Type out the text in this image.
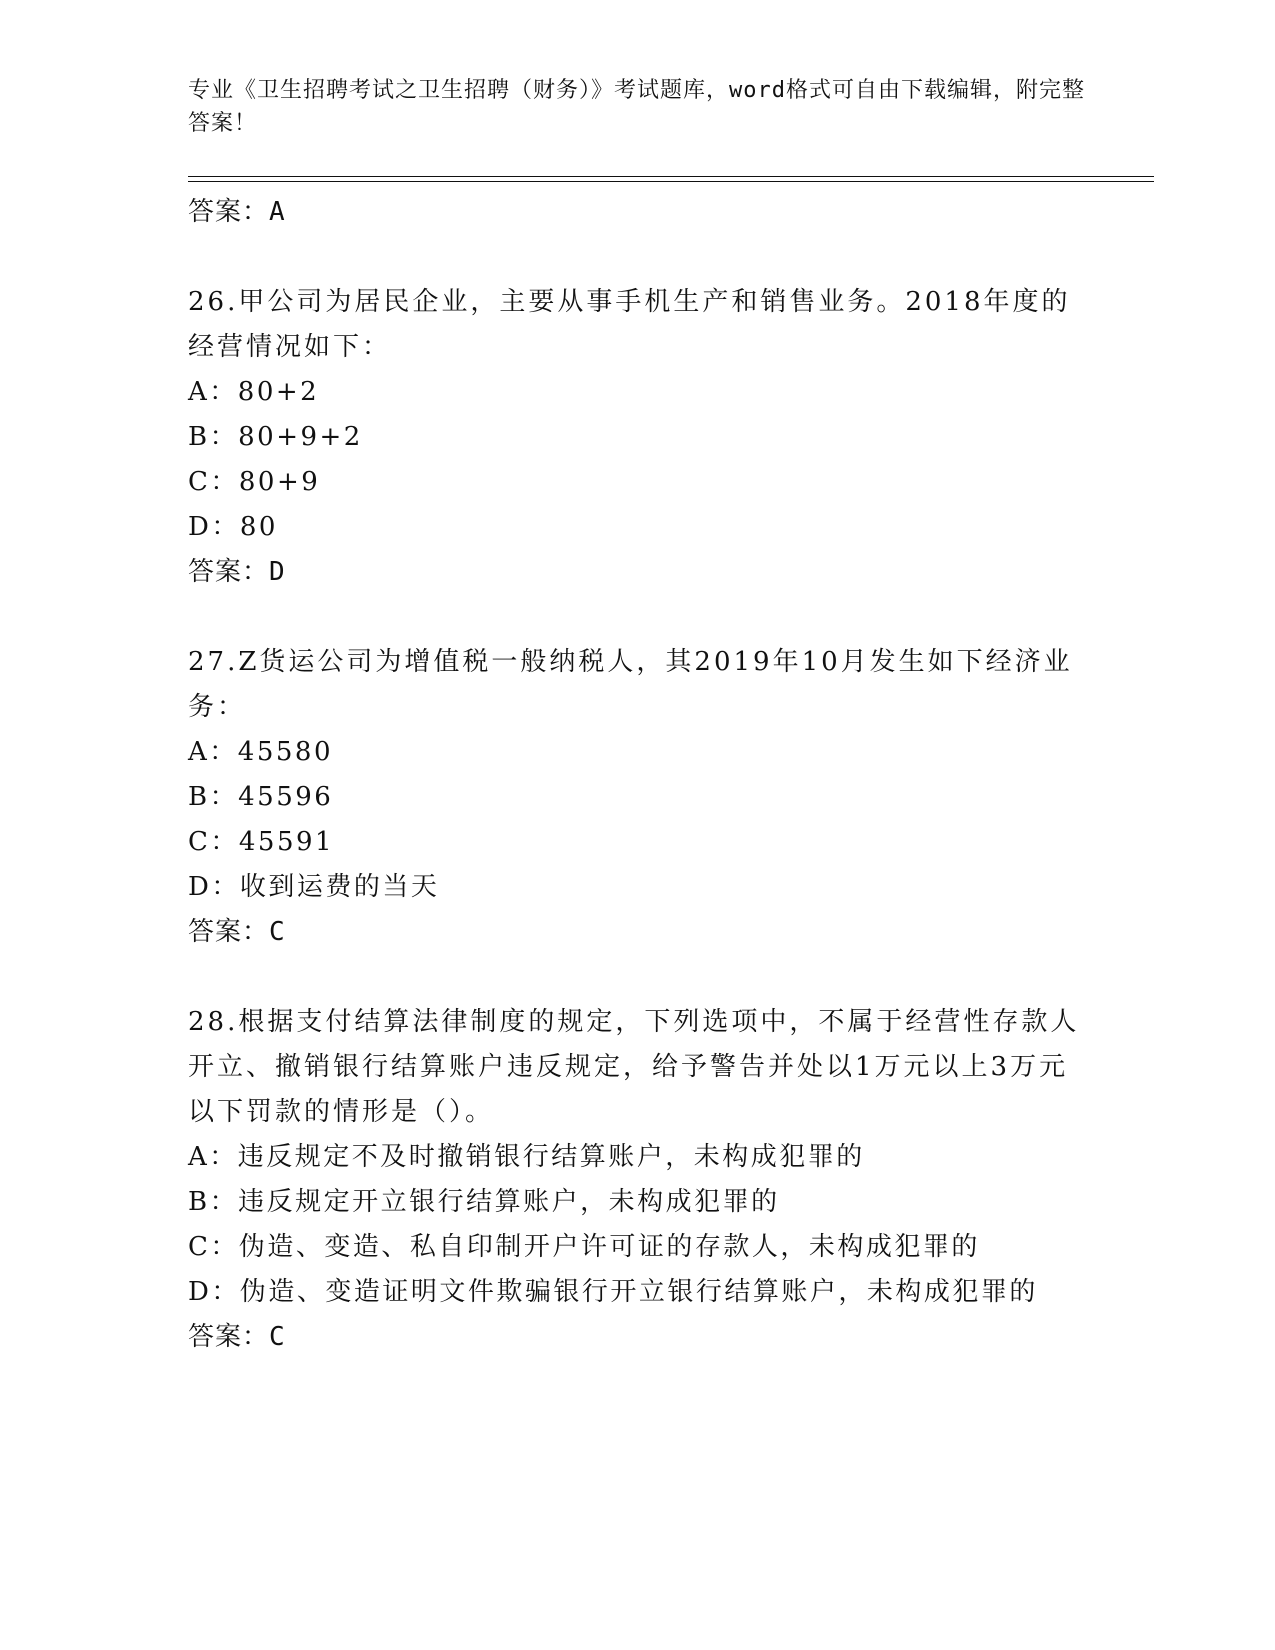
专业《卫生招聘考试之卫生招聘（财务）》考试题库，word格式可自由下载编辑，附完整答案！
答案：A
26.甲公司为居民企业，主要从事手机生产和销售业务。2018年度的经营情况如下：
A：80+2
B：80+9+2
C：80+9
D：80
答案：D
27.Z货运公司为增值税一般纳税人，其2019年10月发生如下经济业务：
A：45580
B：45596
C：45591
D：收到运费的当天
答案：C
28.根据支付结算法律制度的规定，下列选项中，不属于经营性存款人开立、撤销银行结算账户违反规定，给予警告并处以1万元以上3万元以下罚款的情形是（）。
A：违反规定不及时撤销银行结算账户，未构成犯罪的
B：违反规定开立银行结算账户，未构成犯罪的
C：伪造、变造、私自印制开户许可证的存款人，未构成犯罪的
D：伪造、变造证明文件欺骗银行开立银行结算账户，未构成犯罪的
答案：C
